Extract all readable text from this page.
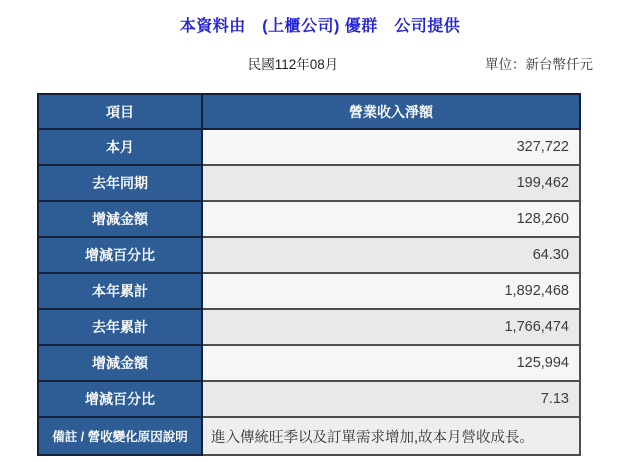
本資料由　(上櫃公司) 優群　公司提供
民國112年08月	單位：新台幣仟元
項目	營業收入淨額
本月	327,722
去年同期	199,462
增減金額	128,260
增減百分比	64.30
本年累計	1,892,468
去年累計	1,766,474
增減金額	125,994
增減百分比	7.13
備註 / 營收變化原因說明	進入傳統旺季以及訂單需求增加,故本月營收成長。
